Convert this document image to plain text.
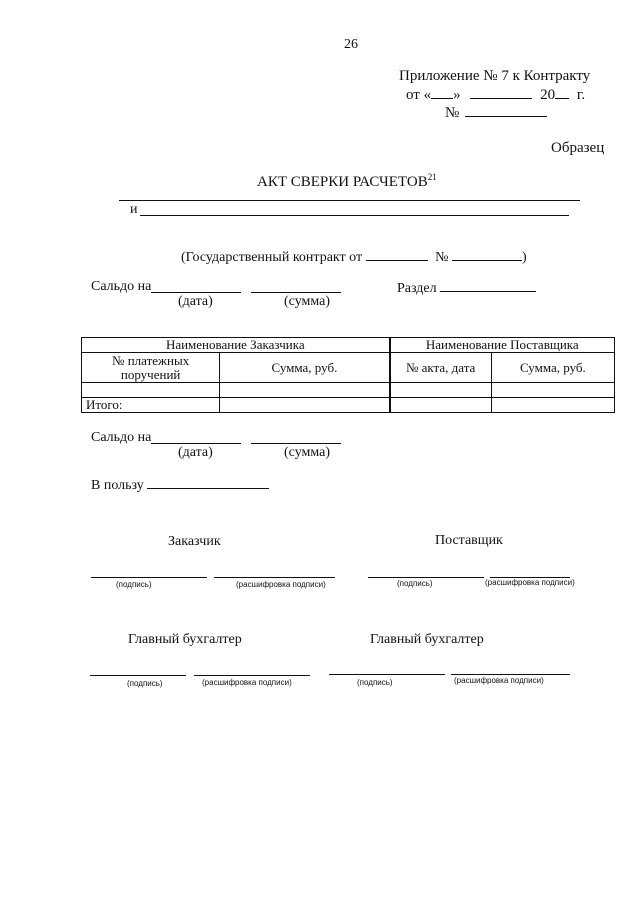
26
Приложение № 7 к Контракту
от « »	20 г.
№
Образец
АКТ СВЕРКИ РАСЧЕТОВ$^{21}$
и
(Государственный контракт от	№	)
Сальдо на
(дата)	(сумма)
Раздел
Наименование Заказчика		Наименование Поставщика	
№ платежных поручений	Сумма, руб.		№ акта, дата	Сумма, руб.

Итого:				
Сальдо на
(дата)	(сумма)
В пользу
Заказчик	Поставщик
(подпись)	(расшифровка подписи)	(подпись)	(расшифровка подписи)
Главный бухгалтер	Главный бухгалтер
(подпись)	(расшифровка подписи)	(подпись)	(расшифровка подписи)
